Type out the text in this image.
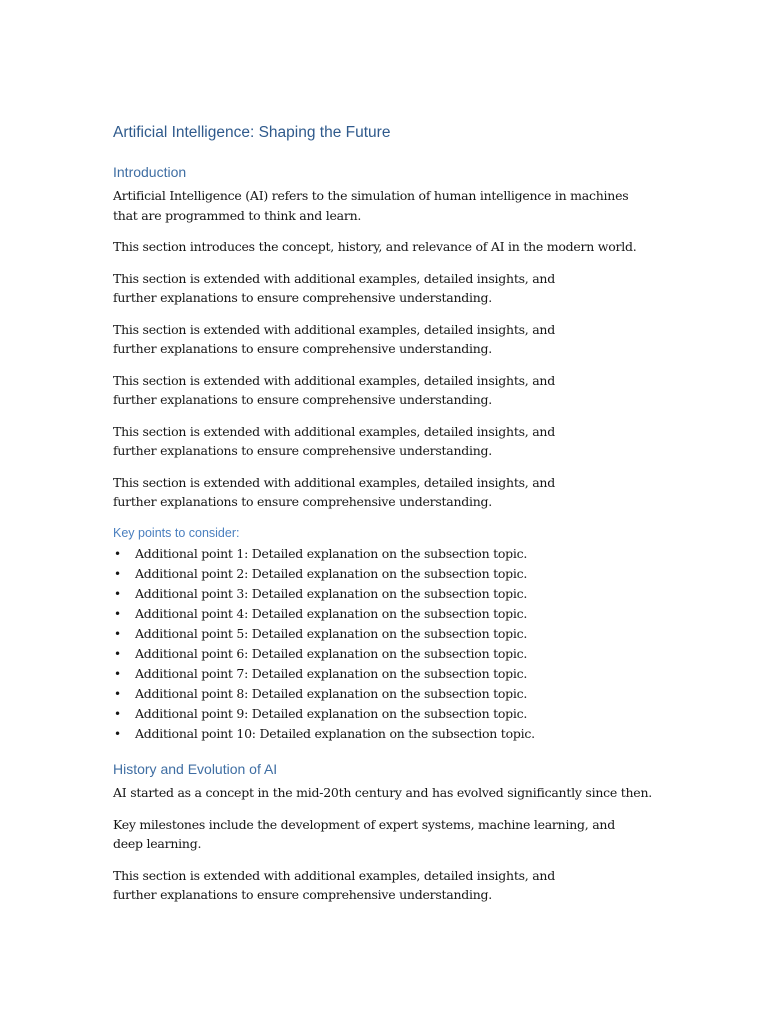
Artificial Intelligence: Shaping the Future
Introduction

Artificial Intelligence (AI) refers to the simulation of human intelligence in machines that are programmed to think and learn.

This section introduces the concept, history, and relevance of AI in the modern world.

This section is extended with additional examples, detailed insights, and further explanations to ensure comprehensive understanding.

This section is extended with additional examples, detailed insights, and further explanations to ensure comprehensive understanding.

This section is extended with additional examples, detailed insights, and further explanations to ensure comprehensive understanding.

This section is extended with additional examples, detailed insights, and further explanations to ensure comprehensive understanding.

This section is extended with additional examples, detailed insights, and further explanations to ensure comprehensive understanding.

Key points to consider:
• Additional point 1: Detailed explanation on the subsection topic.
• Additional point 2: Detailed explanation on the subsection topic.
• Additional point 3: Detailed explanation on the subsection topic.
• Additional point 4: Detailed explanation on the subsection topic.
• Additional point 5: Detailed explanation on the subsection topic.
• Additional point 6: Detailed explanation on the subsection topic.
• Additional point 7: Detailed explanation on the subsection topic.
• Additional point 8: Detailed explanation on the subsection topic.
• Additional point 9: Detailed explanation on the subsection topic.
• Additional point 10: Detailed explanation on the subsection topic.
History and Evolution of AI

AI started as a concept in the mid-20th century and has evolved significantly since then.

Key milestones include the development of expert systems, machine learning, and deep learning.

This section is extended with additional examples, detailed insights, and further explanations to ensure comprehensive understanding.
